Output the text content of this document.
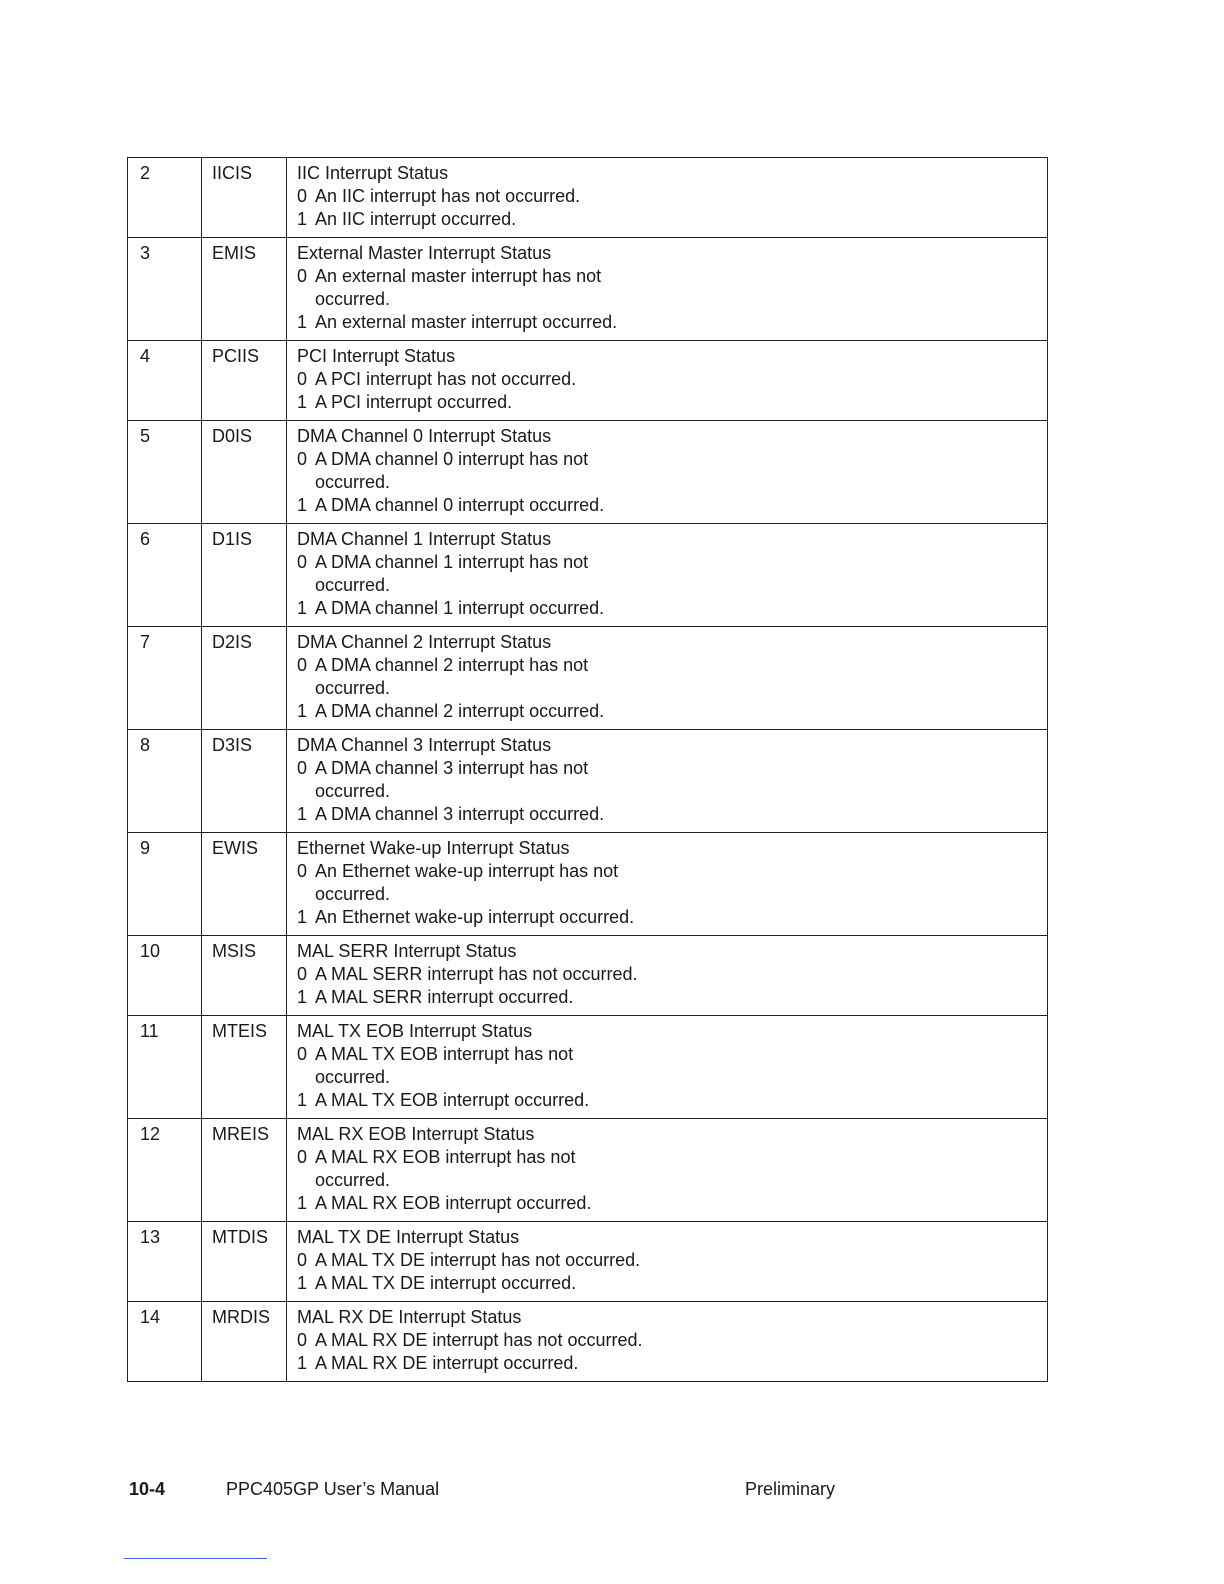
2	IICIS	IIC Interrupt Status
0 An IIC interrupt has not occurred.
1 An IIC interrupt occurred.

3	EMIS	External Master Interrupt Status
0 An external master interrupt has not occurred.
1 An external master interrupt occurred.

4	PCIIS	PCI Interrupt Status
0 A PCI interrupt has not occurred.
1 A PCI interrupt occurred.

5	D0IS	DMA Channel 0 Interrupt Status
0 A DMA channel 0 interrupt has not occurred.
1 A DMA channel 0 interrupt occurred.

6	D1IS	DMA Channel 1 Interrupt Status
0 A DMA channel 1 interrupt has not occurred.
1 A DMA channel 1 interrupt occurred.

7	D2IS	DMA Channel 2 Interrupt Status
0 A DMA channel 2 interrupt has not occurred.
1 A DMA channel 2 interrupt occurred.

8	D3IS	DMA Channel 3 Interrupt Status
0 A DMA channel 3 interrupt has not occurred.
1 A DMA channel 3 interrupt occurred.

9	EWIS	Ethernet Wake-up Interrupt Status
0 An Ethernet wake-up interrupt has not occurred.
1 An Ethernet wake-up interrupt occurred.

10	MSIS	MAL SERR Interrupt Status
0 A MAL SERR interrupt has not occurred.
1 A MAL SERR interrupt occurred.

11	MTEIS	MAL TX EOB Interrupt Status
0 A MAL TX EOB interrupt has not occurred.
1 A MAL TX EOB interrupt occurred.

12	MREIS	MAL RX EOB Interrupt Status
0 A MAL RX EOB interrupt has not occurred.
1 A MAL RX EOB interrupt occurred.

13	MTDIS	MAL TX DE Interrupt Status
0 A MAL TX DE interrupt has not occurred.
1 A MAL TX DE interrupt occurred.

14	MRDIS	MAL RX DE Interrupt Status
0 A MAL RX DE interrupt has not occurred.
1 A MAL RX DE interrupt occurred.
10-4	PPC405GP User’s Manual	Preliminary
